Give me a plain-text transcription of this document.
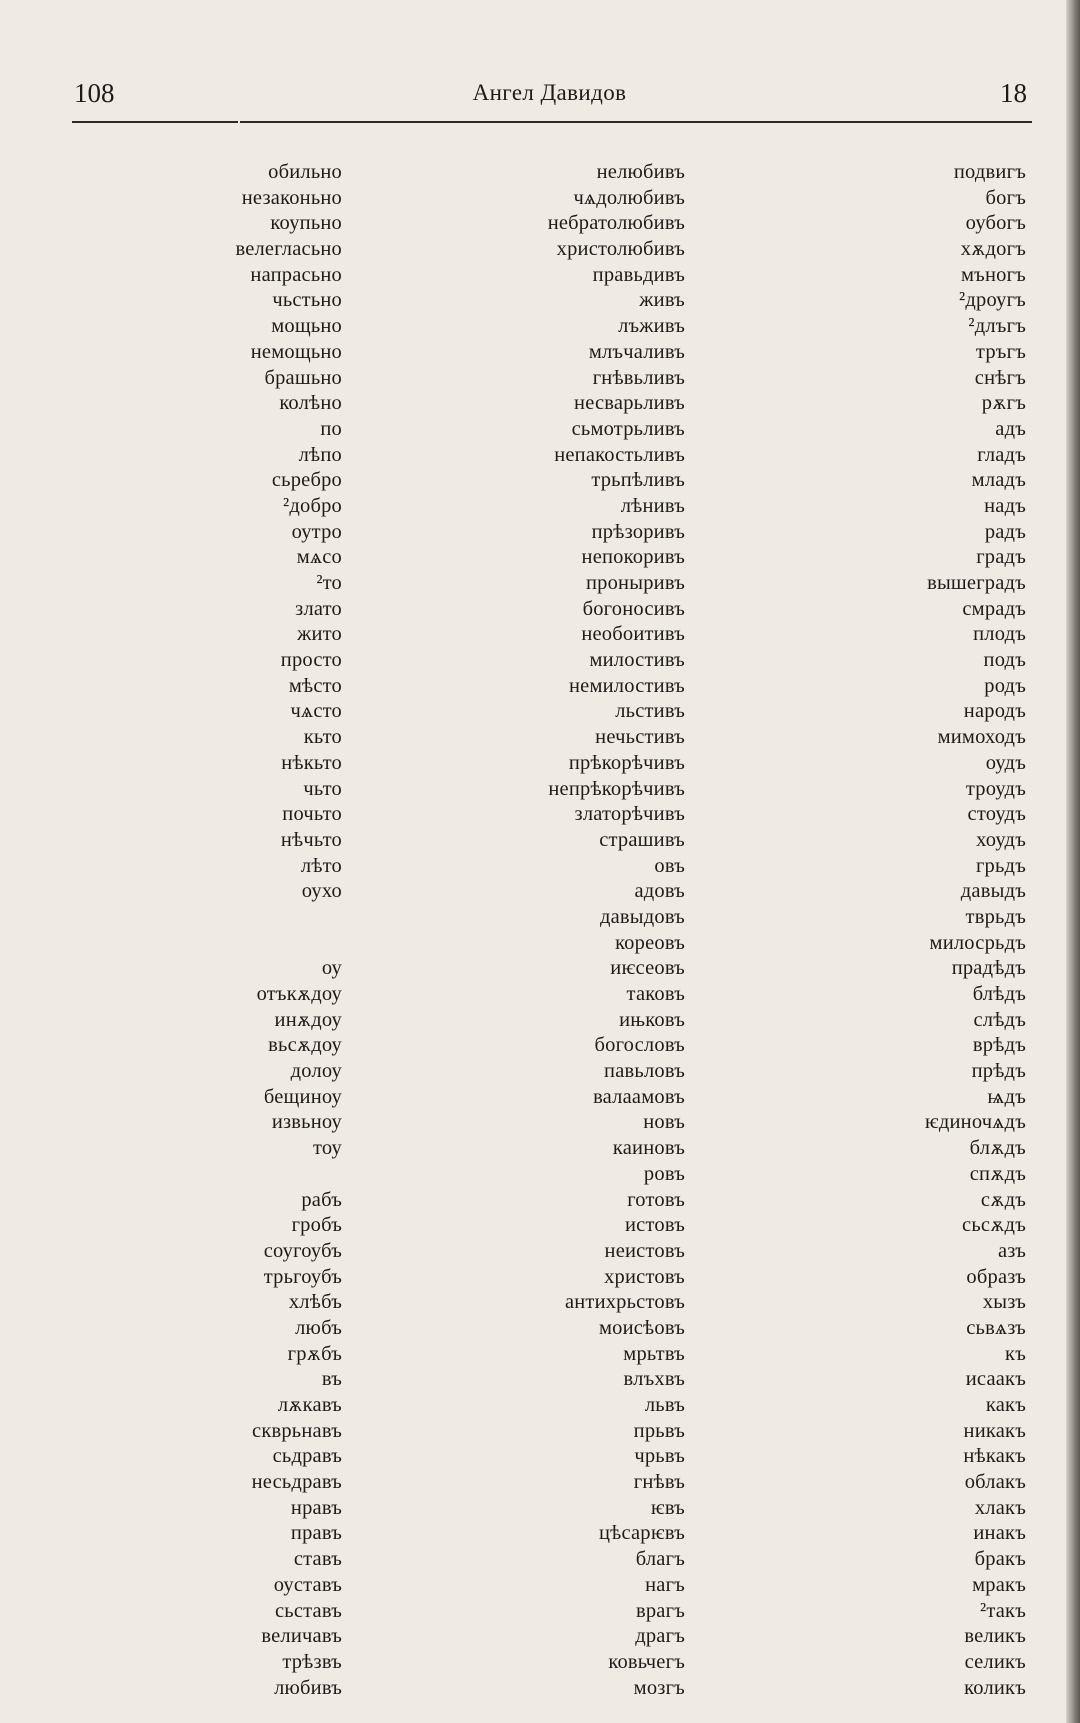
108	Ангел Давидов	18
обильно
незаконьно
коупьно
велегласьно
напрасьно
чьстьно
мощьно
немощьно
брашьно
колѣно
по
лѣпо
сьребро
²добро
оутро
мѧсо
²то
злато
жито
просто
мѣсто
чѧсто
кьто
нѣкьто
чьто
почьто
нѣчьто
лѣто
оухо
оу
отъкѫдоу
инѫдоу
вьсѫдоу
долоу
бещиноу
извьноу
тоу
рабъ
гробъ
соугоубъ
трьгоубъ
хлѣбъ
любъ
грѫбъ
въ
лѫкавъ
скврьнавъ
сьдравъ
несьдравъ
нравъ
правъ
ставъ
оуставъ
сьставъ
величавъ
трѣзвъ
любивъ
нелюбивъ
чѧдолюбивъ
небратолюбивъ
христолюбивъ
правьдивъ
живъ
лъживъ
млъчаливъ
гнѣвьливъ
несварьливъ
сьмотрьливъ
непакостьливъ
трьпѣливъ
лѣнивъ
прѣзоривъ
непокоривъ
проныривъ
богоносивъ
необоитивъ
милостивъ
немилостивъ
льстивъ
нечьстивъ
прѣкорѣчивъ
непрѣкорѣчивъ
златорѣчивъ
страшивъ
овъ
адовъ
давыдовъ
кореовъ
иѥсеовъ
таковъ
ињковъ
богословъ
павьловъ
валаамовъ
новъ
каиновъ
ровъ
готовъ
истовъ
неистовъ
христовъ
антихрьстовъ
моисѣовъ
мрьтвъ
влъхвъ
львъ
прьвъ
чрьвъ
гнѣвъ
ѥвъ
цѣсарѥвъ
благъ
нагъ
врагъ
драгъ
ковьчегъ
мозгъ
подвигъ
богъ
оубогъ
хѫдогъ
мъногъ
²дроугъ
²длъгъ
тръгъ
снѣгъ
рѫгъ
адъ
гладъ
младъ
надъ
радъ
градъ
вышеградъ
смрадъ
плодъ
подъ
родъ
народъ
мимоходъ
оудъ
троудъ
стоудъ
хоудъ
грьдъ
давыдъ
тврьдъ
милосрьдъ
прадѣдъ
блѣдъ
слѣдъ
врѣдъ
прѣдъ
ѩдъ
ѥдиночѧдъ
блѫдъ
спѫдъ
сѫдъ
сьсѫдъ
азъ
образъ
хызъ
сьвѧзъ
къ
исаакъ
какъ
никакъ
нѣкакъ
облакъ
хлакъ
инакъ
бракъ
мракъ
²такъ
великъ
селикъ
коликъ
